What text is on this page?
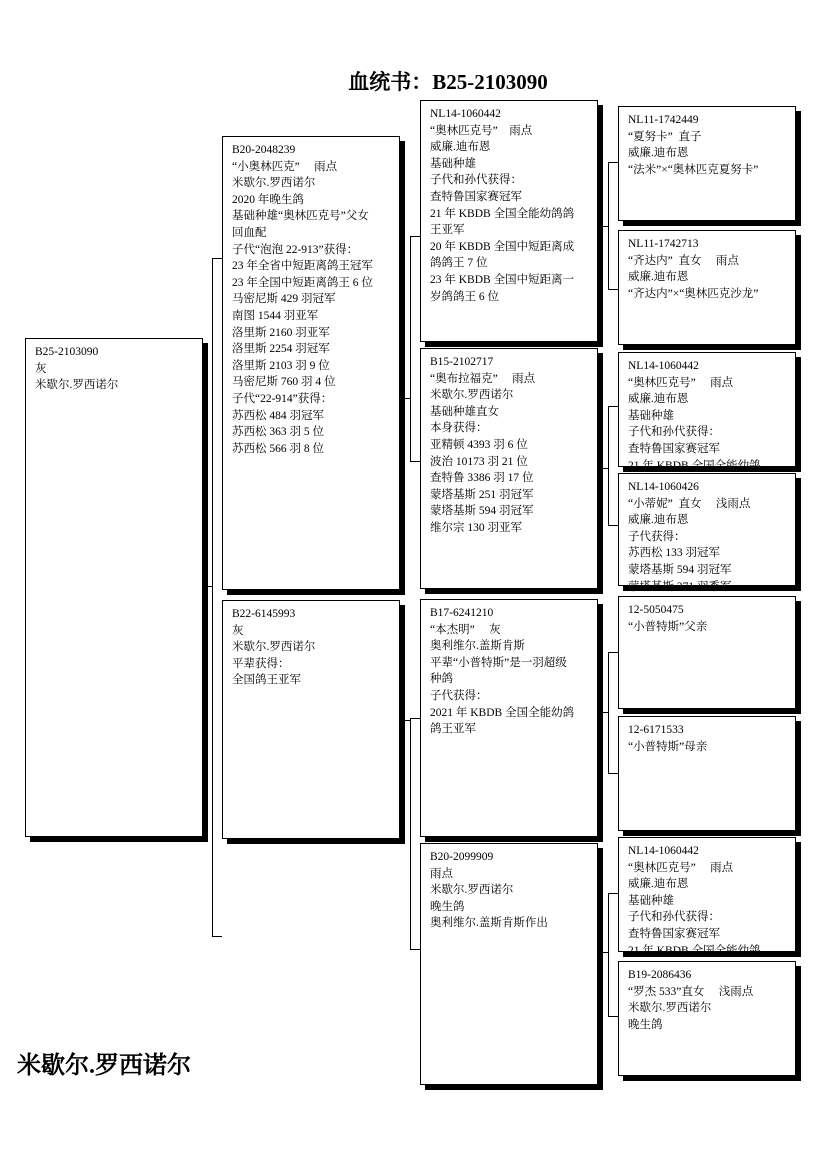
血统书：B25-2103090
B25-2103090
灰
米歇尔.罗西诺尔
B20-2048239
“小奥林匹克”     雨点
米歇尔.罗西诺尔
2020 年晚生鸽
基础种雄“奥林匹克号”父女
回血配
子代“泡泡 22-913”获得：
23 年全省中短距离鸽王冠军
23 年全国中短距离鸽王 6 位
马密尼斯 429 羽冠军
南图 1544 羽亚军
洛里斯 2160 羽亚军
洛里斯 2254 羽冠军
洛里斯 2103 羽 9 位
马密尼斯 760 羽 4 位
子代“22-914”获得：
苏西松 484 羽冠军
苏西松 363 羽 5 位
苏西松 566 羽 8 位
B22-6145993
灰
米歇尔.罗西诺尔
平辈获得：
全国鸽王亚军
NL14-1060442
“奥林匹克号”    雨点
威廉.迪布恩
基础种雄
子代和孙代获得：
查特鲁国家赛冠军
21 年 KBDB 全国全能幼鸽鸽
王亚军
20 年 KBDB 全国中短距离成
鸽鸽王 7 位
23 年 KBDB 全国中短距离一
岁鸽鸽王 6 位
B15-2102717
“奥布拉福克”     雨点
米歇尔.罗西诺尔
基础种雄直女
本身获得：
亚精顿 4393 羽 6 位
波治 10173 羽 21 位
查特鲁 3386 羽 17 位
蒙塔基斯 251 羽冠军
蒙塔基斯 594 羽冠军
维尔宗 130 羽亚军
B17-6241210
“本杰明”     灰
奥利维尔.盖斯肯斯
平辈“小普特斯”是一羽超级
种鸽
子代获得：
2021 年 KBDB 全国全能幼鸽
鸽王亚军
B20-2099909
雨点
米歇尔.罗西诺尔
晚生鸽
奥利维尔.盖斯肯斯作出
NL11-1742449
“夏努卡”  直子
威廉.迪布恩
“法米”×“奥林匹克夏努卡”
NL11-1742713
“齐达内”  直女     雨点
威廉.迪布恩
“齐达内”×“奥林匹克沙龙”
NL14-1060442
“奥林匹克号”     雨点
威廉.迪布恩
基础种雄
子代和孙代获得：
查特鲁国家赛冠军
21 年 KBDB 全国全能幼鸽
NL14-1060426
“小蒂妮”  直女     浅雨点
威廉.迪布恩
子代获得：
苏西松 133 羽冠军
蒙塔基斯 594 羽冠军
蒙塔基斯 271 羽季军
12-5050475
“小普特斯”父亲
12-6171533
“小普特斯”母亲
NL14-1060442
“奥林匹克号”     雨点
威廉.迪布恩
基础种雄
子代和孙代获得：
查特鲁国家赛冠军
21 年 KBDB 全国全能幼鸽
B19-2086436
“罗杰 533”直女     浅雨点
米歇尔.罗西诺尔
晚生鸽
米歇尔.罗西诺尔
